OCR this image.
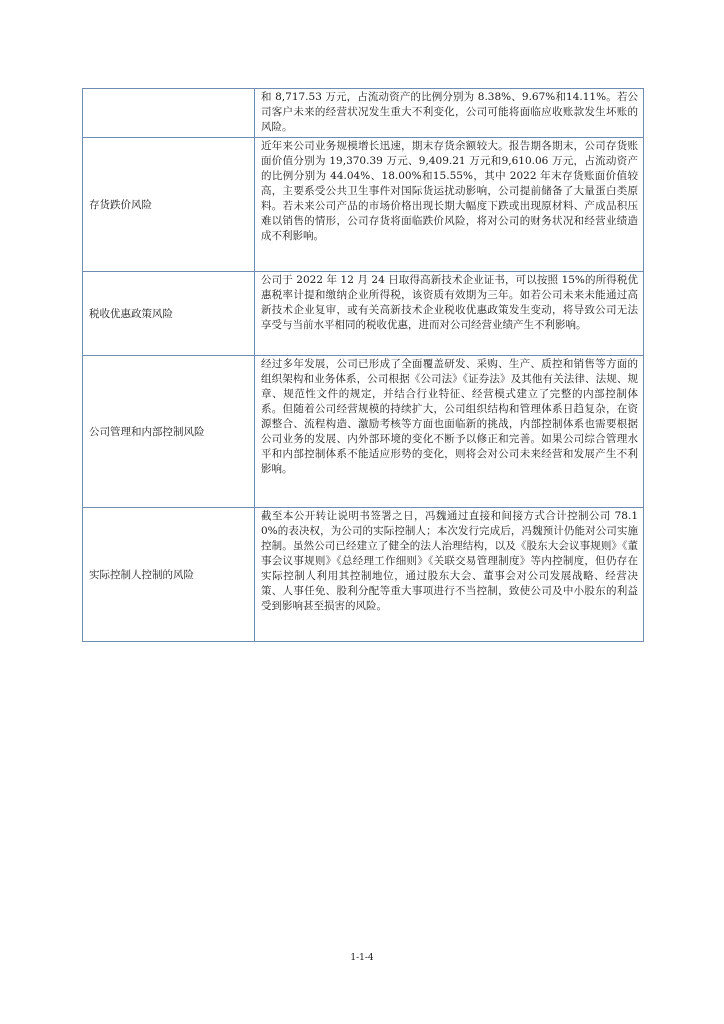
	和 8,717.53 万元，占流动资产的比例分别为 8.38%、9.67%和14.11%。若公司客户未来的经营状况发生重大不利变化，公司可能将面临应收账款发生坏账的风险。

存货跌价风险	近年来公司业务规模增长迅速，期末存货余额较大。报告期各期末，公司存货账面价值分别为 19,370.39 万元、9,409.21 万元和9,610.06 万元，占流动资产的比例分别为 44.04%、18.00%和15.55%，其中 2022 年末存货账面价值较高，主要系受公共卫生事件对国际货运扰动影响，公司提前储备了大量蛋白类原料。若未来公司产品的市场价格出现长期大幅度下跌或出现原材料、产成品积压难以销售的情形，公司存货将面临跌价风险，将对公司的财务状况和经营业绩造成不利影响。

税收优惠政策风险	公司于 2022 年 12 月 24 日取得高新技术企业证书，可以按照 15%的所得税优惠税率计提和缴纳企业所得税，该资质有效期为三年。如若公司未来未能通过高新技术企业复审，或有关高新技术企业税收优惠政策发生变动，将导致公司无法享受与当前水平相同的税收优惠，进而对公司经营业绩产生不利影响。

公司管理和内部控制风险	经过多年发展，公司已形成了全面覆盖研发、采购、生产、质控和销售等方面的组织架构和业务体系，公司根据《公司法》《证券法》及其他有关法律、法规、规章、规范性文件的规定，并结合行业特征、经营模式建立了完整的内部控制体系。但随着公司经营规模的持续扩大，公司组织结构和管理体系日趋复杂，在资源整合、流程构造、激励考核等方面也面临新的挑战，内部控制体系也需要根据公司业务的发展、内外部环境的变化不断予以修正和完善。如果公司综合管理水平和内部控制体系不能适应形势的变化，则将会对公司未来经营和发展产生不利影响。

实际控制人控制的风险	截至本公开转让说明书签署之日，冯魏通过直接和间接方式合计控制公司 78.10%的表决权，为公司的实际控制人；本次发行完成后，冯魏预计仍能对公司实施控制。虽然公司已经建立了健全的法人治理结构，以及《股东大会议事规则》《董事会议事规则》《总经理工作细则》《关联交易管理制度》等内控制度，但仍存在实际控制人利用其控制地位，通过股东大会、董事会对公司发展战略、经营决策、人事任免、股利分配等重大事项进行不当控制，致使公司及中小股东的利益受到影响甚至损害的风险。

1-1-4
